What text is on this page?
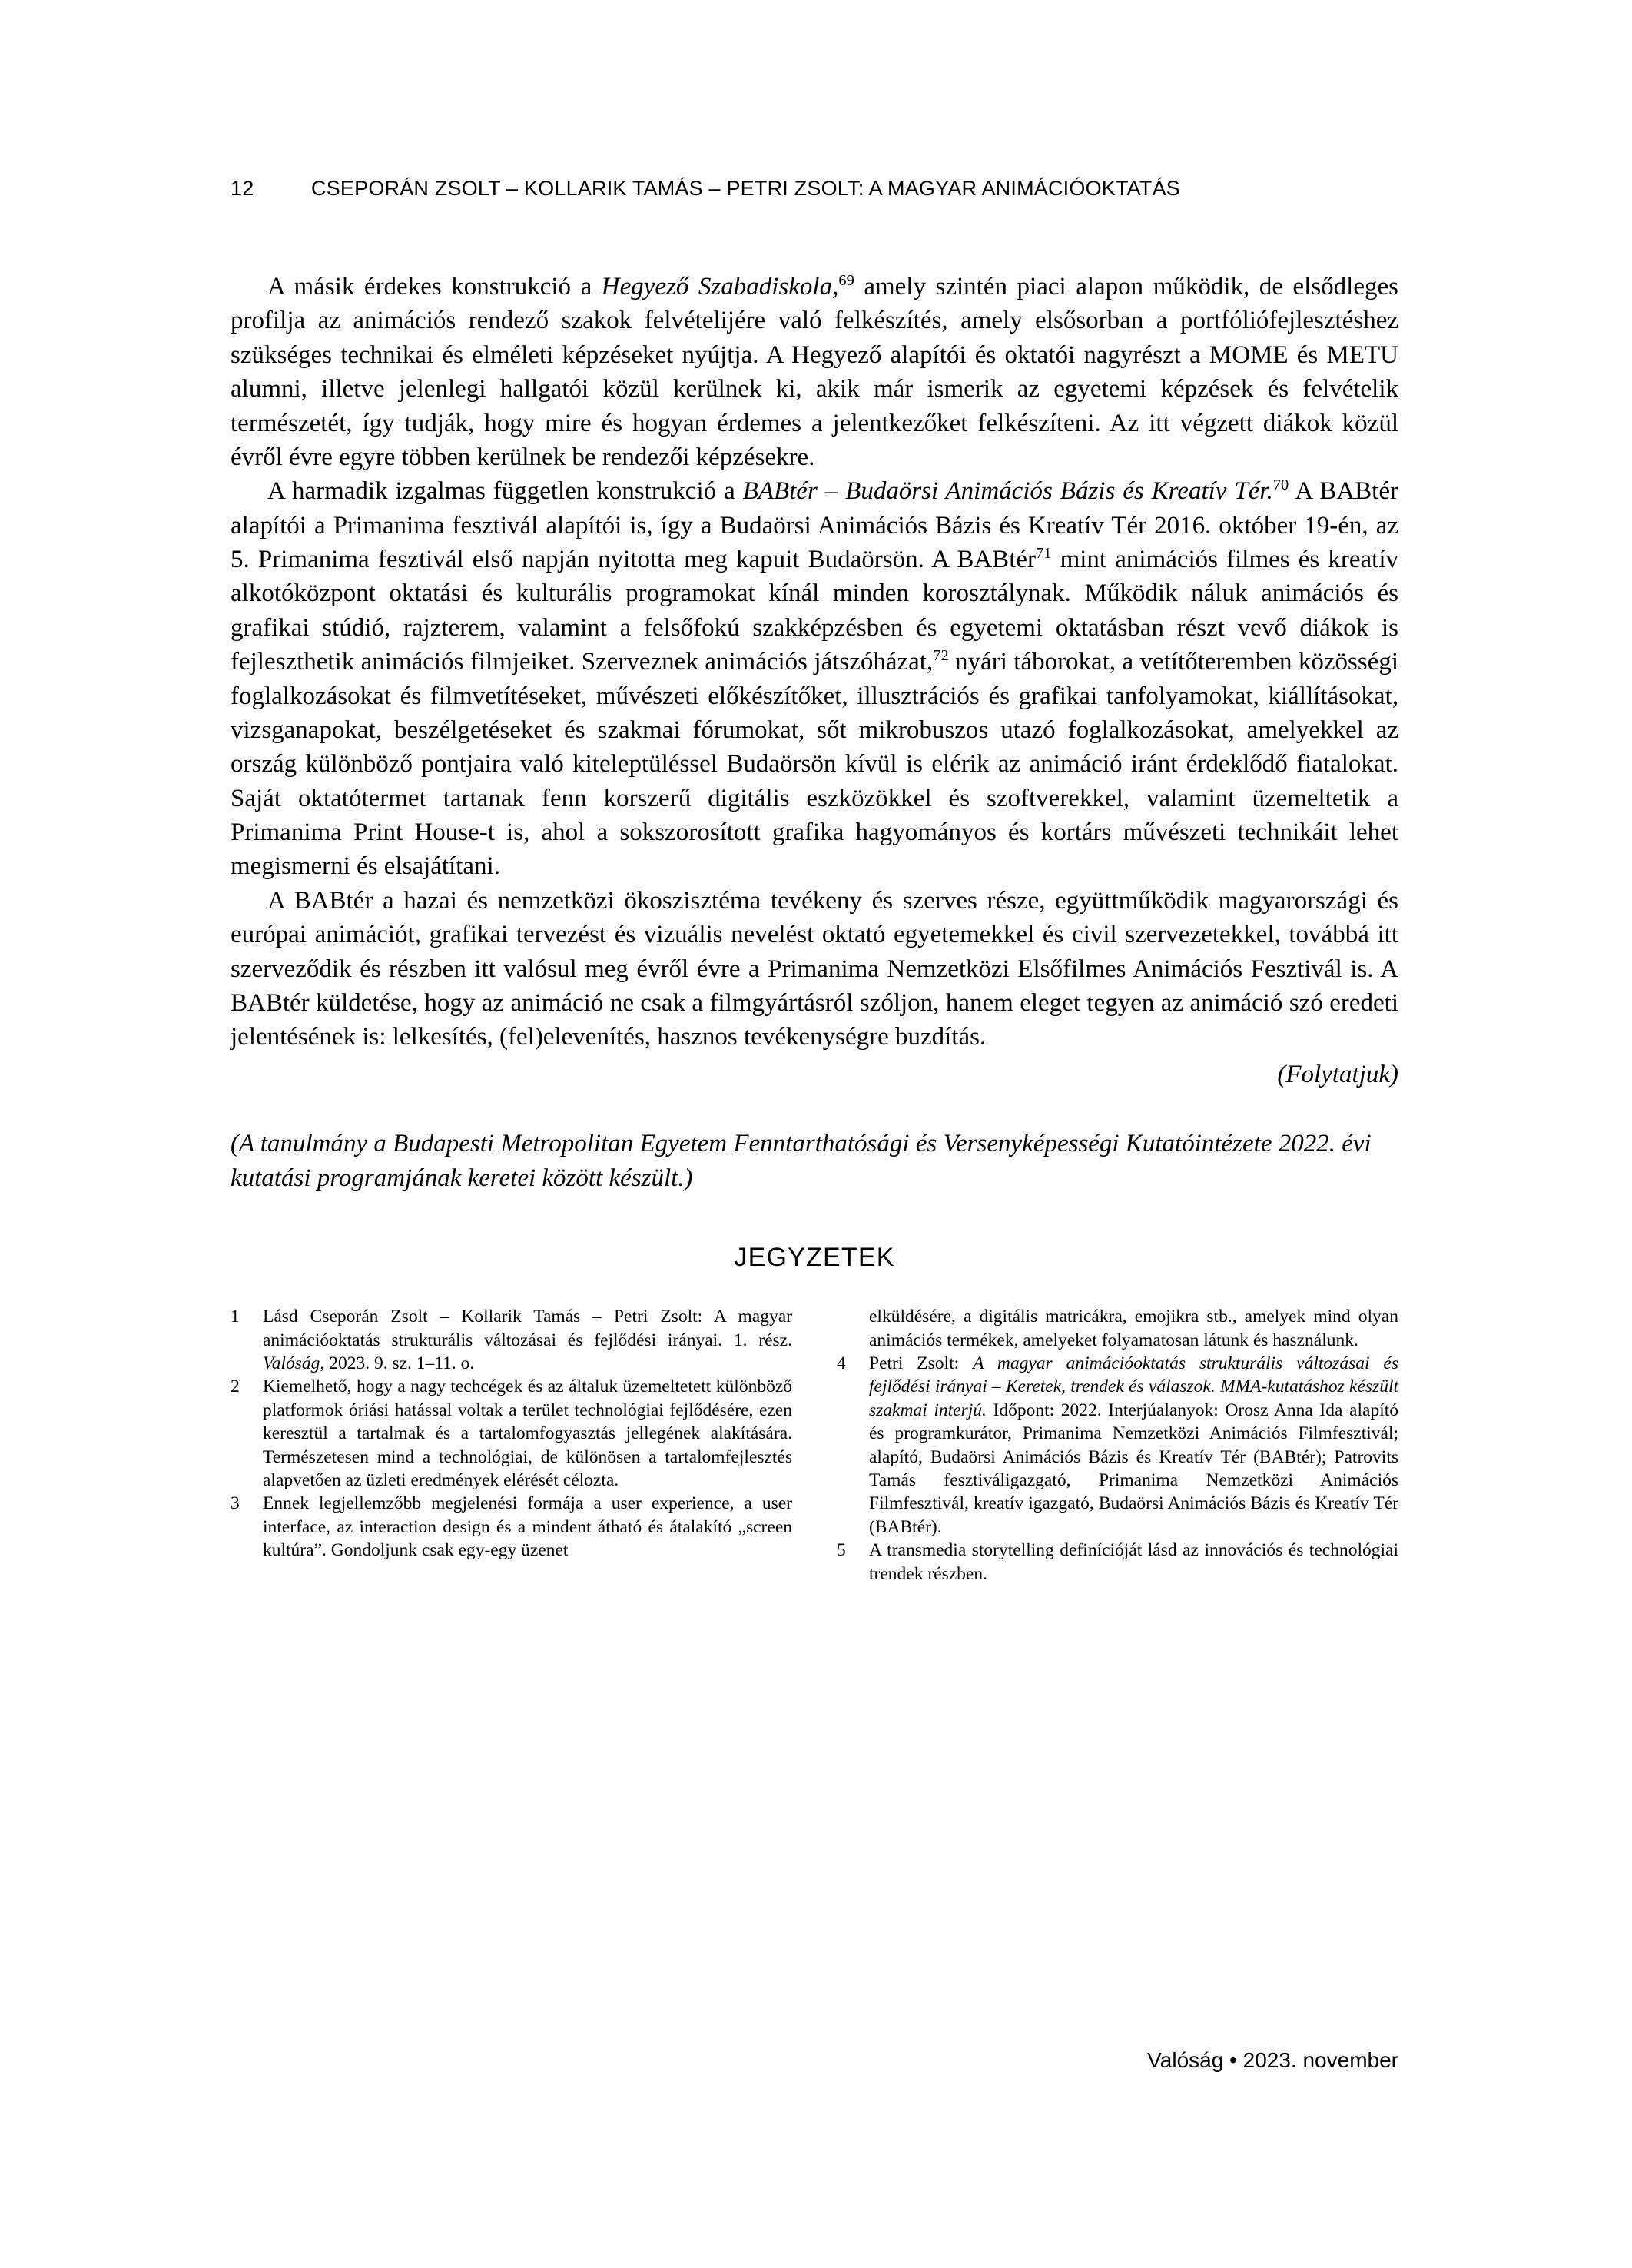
12	CSEPORÁN ZSOLT – KOLLARIK TAMÁS – PETRI ZSOLT: A MAGYAR ANIMÁCIÓOKTATÁS

A másik érdekes konstrukció a Hegyező Szabadiskola,$^{69}$ amely szintén piaci alapon működik, de elsődleges profilja az animációs rendező szakok felvételijére való felkészítés, amely elsősorban a portfóliófejlesztéshez szükséges technikai és elméleti képzéseket nyújtja. A Hegyező alapítói és oktatói nagyrészt a MOME és METU alumni, illetve jelenlegi hallgatói közül kerülnek ki, akik már ismerik az egyetemi képzések és felvételik természetét, így tudják, hogy mire és hogyan érdemes a jelentkezőket felkészíteni. Az itt végzett diákok közül évről évre egyre többen kerülnek be rendezői képzésekre.

A harmadik izgalmas független konstrukció a BABtér – Budaörsi Animációs Bázis és Kreatív Tér.$^{70}$ A BABtér alapítói a Primanima fesztivál alapítói is, így a Budaörsi Animációs Bázis és Kreatív Tér 2016. október 19-én, az 5. Primanima fesztivál első napján nyitotta meg kapuit Budaörsön. A BABtér$^{71}$ mint animációs filmes és kreatív alkotóközpont oktatási és kulturális programokat kínál minden korosztálynak. Működik náluk animációs és grafikai stúdió, rajzterem, valamint a felsőfokú szakképzésben és egyetemi oktatásban részt vevő diákok is fejleszthetik animációs filmjeiket. Szerveznek animációs játszóházat,$^{72}$ nyári táborokat, a vetítőteremben közösségi foglalkozásokat és filmvetítéseket, művészeti előkészítőket, illusztrációs és grafikai tanfolyamokat, kiállításokat, vizsganapokat, beszélgetéseket és szakmai fórumokat, sőt mikrobuszos utazó foglalkozásokat, amelyekkel az ország különböző pontjaira való kiteleptüléssel Budaörsön kívül is elérik az animáció iránt érdeklődő fiatalokat. Saját oktatótermet tartanak fenn korszerű digitális eszközökkel és szoftverekkel, valamint üzemeltetik a Primanima Print House-t is, ahol a sokszorosított grafika hagyományos és kortárs művészeti technikáit lehet megismerni és elsajátítani.

A BABtér a hazai és nemzetközi ökoszisztéma tevékeny és szerves része, együttműködik magyarországi és európai animációt, grafikai tervezést és vizuális nevelést oktató egyetemekkel és civil szervezetekkel, továbbá itt szerveződik és részben itt valósul meg évről évre a Primanima Nemzetközi Elsőfilmes Animációs Fesztivál is. A BABtér küldetése, hogy az animáció ne csak a filmgyártásról szóljon, hanem eleget tegyen az animáció szó eredeti jelentésének is: lelkesítés, (fel)elevenítés, hasznos tevékenységre buzdítás.

(Folytatjuk)
(A tanulmány a Budapesti Metropolitan Egyetem Fenntarthatósági és Versenyképességi Kutatóintézete 2022. évi kutatási programjának keretei között készült.)
JEGYZETEK
1	Lásd Cseporán Zsolt – Kollarik Tamás – Petri Zsolt: A magyar animációoktatás strukturális változásai és fejlődési irányai. 1. rész. Valóság, 2023. 9. sz. 1–11. o.
2	Kiemelhető, hogy a nagy techcégek és az általuk üzemeltetett különböző platformok óriási hatással voltak a terület technológiai fejlődésére, ezen keresztül a tartalmak és a tartalomfogyasztás jellegének alakítására. Természetesen mind a technológiai, de különösen a tartalomfejlesztés alapvetően az üzleti eredmények elérését célozta.
3	Ennek legjellemzőbb megjelenési formája a user experience, a user interface, az interaction design és a mindent átható és átalakító „screen kultúra”. Gondoljunk csak egy-egy üzenet
elküldésére, a digitális matricákra, emojikra stb., amelyek mind olyan animációs termékek, amelyeket folyamatosan látunk és használunk.
4	Petri Zsolt: A magyar animációoktatás strukturális változásai és fejlődési irányai – Keretek, trendek és válaszok. MMA-kutatáshoz készült szakmai interjú. Időpont: 2022. Interjúalanyok: Orosz Anna Ida alapító és programkurátor, Primanima Nemzetközi Animációs Filmfesztivál; alapító, Budaörsi Animációs Bázis és Kreatív Tér (BABtér); Patrovits Tamás fesztiváligazgató, Primanima Nemzetközi Animációs Filmfesztivál, kreatív igazgató, Budaörsi Animációs Bázis és Kreatív Tér (BABtér).
5	A transmedia storytelling definícióját lásd az innovációs és technológiai trendek részben.
Valóság • 2023. november
